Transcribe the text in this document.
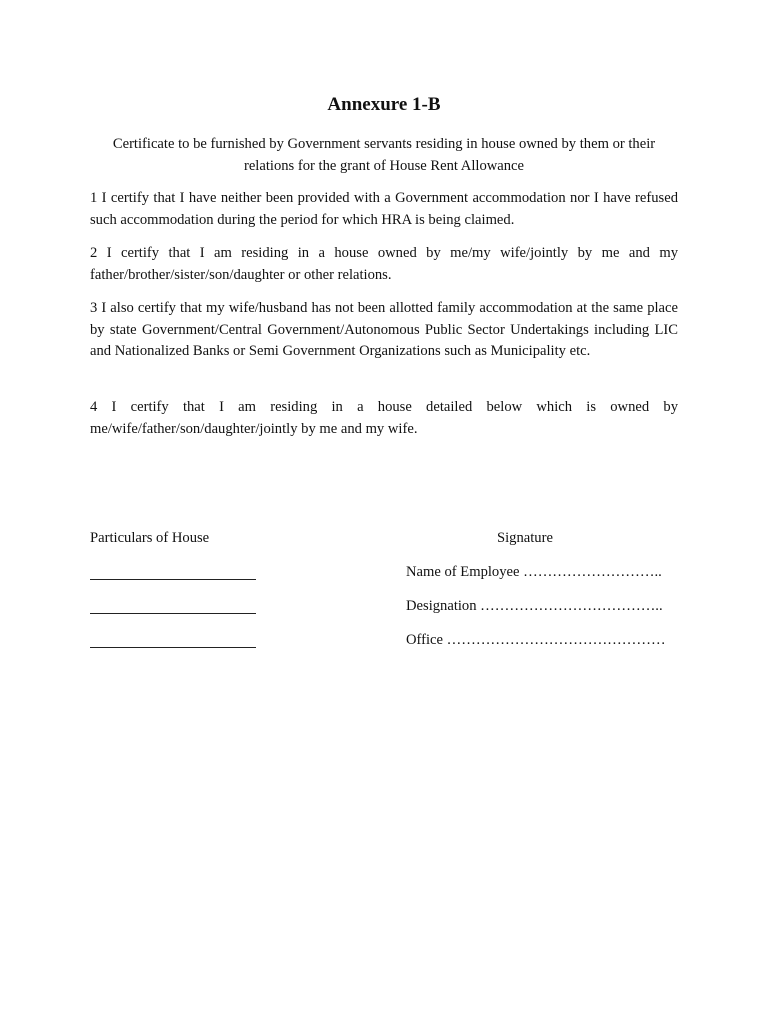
Annexure 1-B
Certificate to be furnished by Government servants residing in house owned by them or their
relations for the grant of House Rent Allowance

1 I certify that I have neither been provided with a Government accommodation nor I have refused such accommodation during the period for which HRA is being claimed.

2 I certify that I am residing in a house owned by me/my wife/jointly by me and my father/brother/sister/son/daughter or other relations.

3 I also certify that my wife/husband has not been allotted family accommodation at the same place by state Government/Central Government/Autonomous Public Sector Undertakings including LIC and Nationalized Banks or Semi Government Organizations such as Municipality etc.

4 I certify that I am residing in a house detailed below which is owned by me/wife/father/son/daughter/jointly by me and my wife.

Particulars of House	Signature
Name of Employee ………………………..
Designation ………………………………..
Office ………………………………………
